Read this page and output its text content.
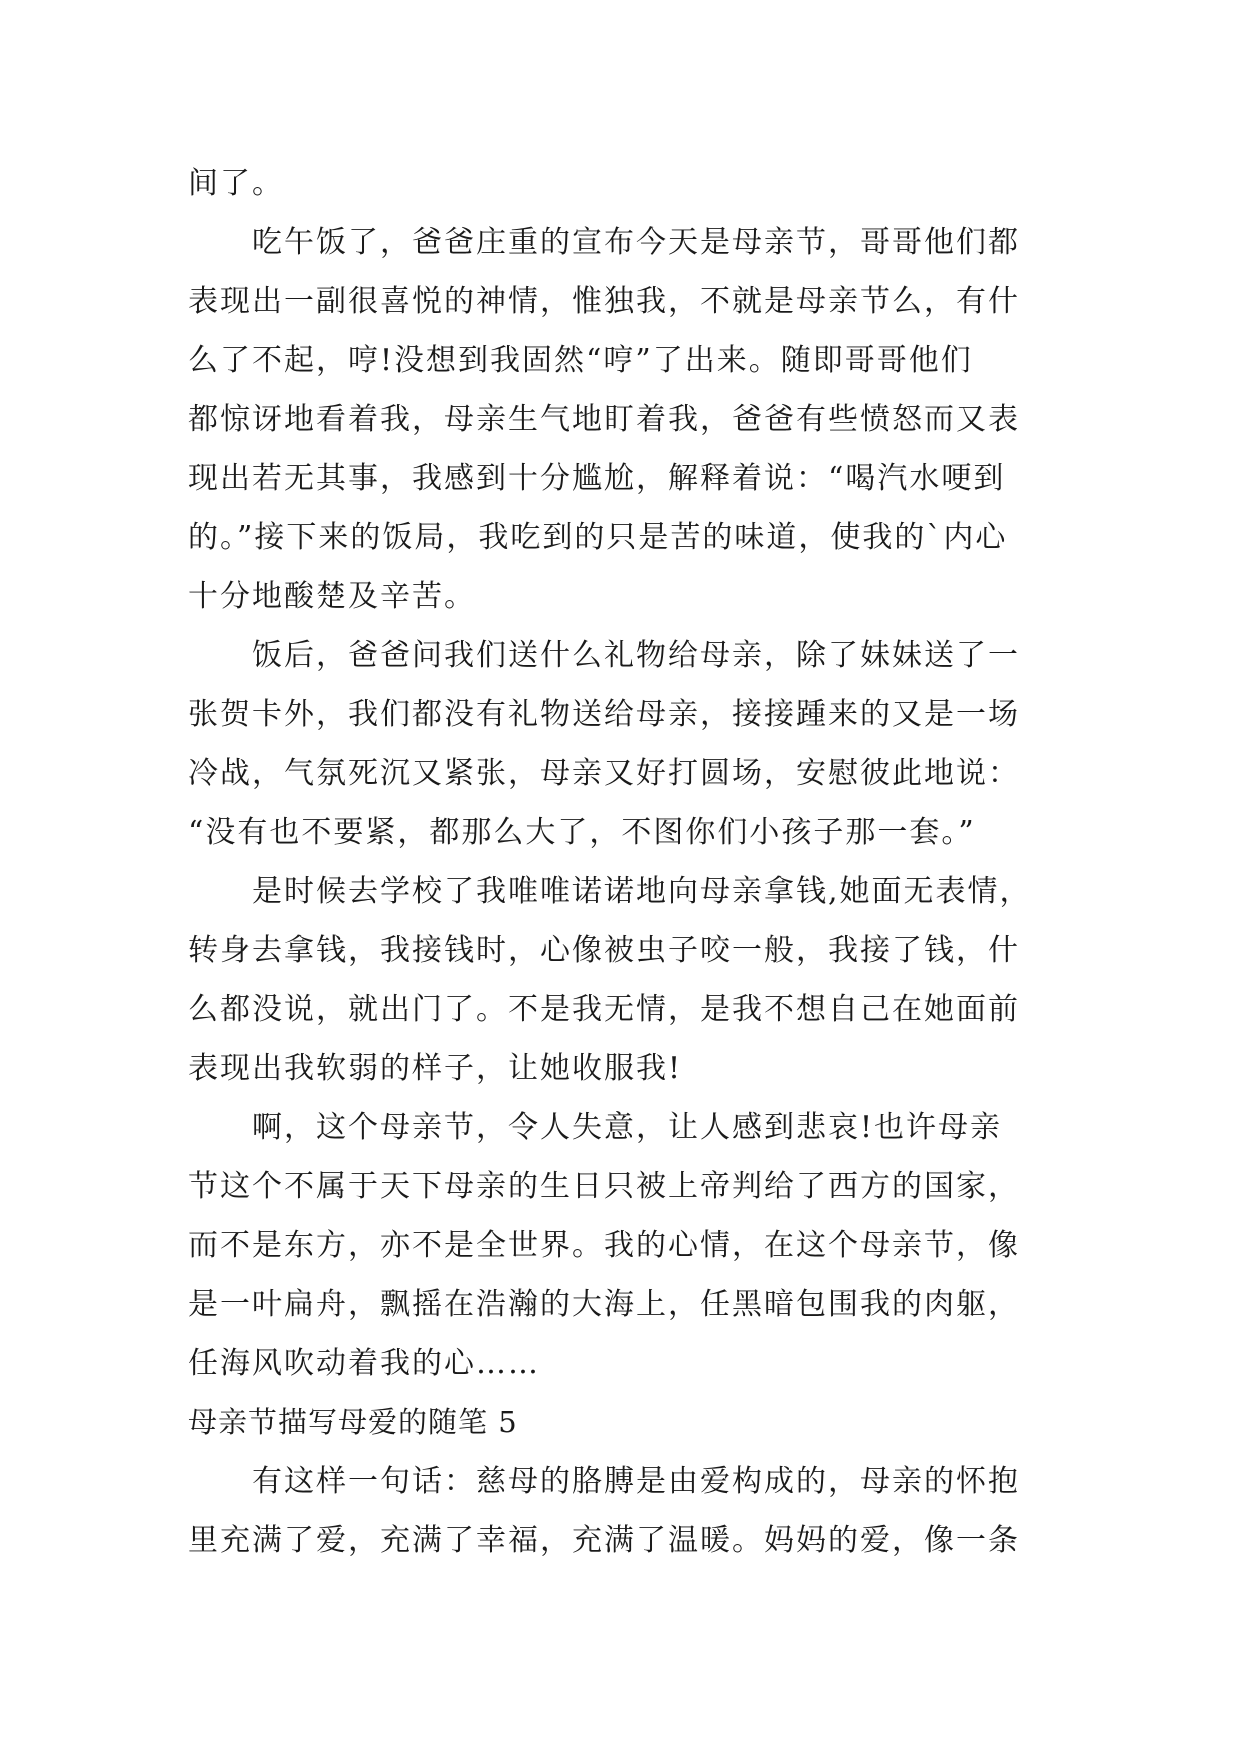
间了。
吃午饭了，爸爸庄重的宣布今天是母亲节，哥哥他们都
表现出一副很喜悦的神情，惟独我，不就是母亲节么，有什
么了不起，哼!没想到我固然“哼”了出来。随即哥哥他们
都惊讶地看着我，母亲生气地盯着我，爸爸有些愤怒而又表
现出若无其事，我感到十分尴尬，解释着说：“喝汽水哽到
的。”接下来的饭局，我吃到的只是苦的味道，使我的`内心
十分地酸楚及辛苦。
饭后，爸爸问我们送什么礼物给母亲，除了妹妹送了一
张贺卡外，我们都没有礼物送给母亲，接接踵来的又是一场
冷战，气氛死沉又紧张，母亲又好打圆场，安慰彼此地说：
“没有也不要紧，都那么大了，不图你们小孩子那一套。”
是时候去学校了我唯唯诺诺地向母亲拿钱,她面无表情，
转身去拿钱，我接钱时，心像被虫子咬一般，我接了钱，什
么都没说，就出门了。不是我无情，是我不想自己在她面前
表现出我软弱的样子，让她收服我!
啊，这个母亲节，令人失意，让人感到悲哀!也许母亲
节这个不属于天下母亲的生日只被上帝判给了西方的国家，
而不是东方，亦不是全世界。我的心情，在这个母亲节，像
是一叶扁舟，飘摇在浩瀚的大海上，任黑暗包围我的肉躯，
任海风吹动着我的心……
母亲节描写母爱的随笔 5
有这样一句话：慈母的胳膊是由爱构成的，母亲的怀抱
里充满了爱，充满了幸福，充满了温暖。妈妈的爱，像一条
